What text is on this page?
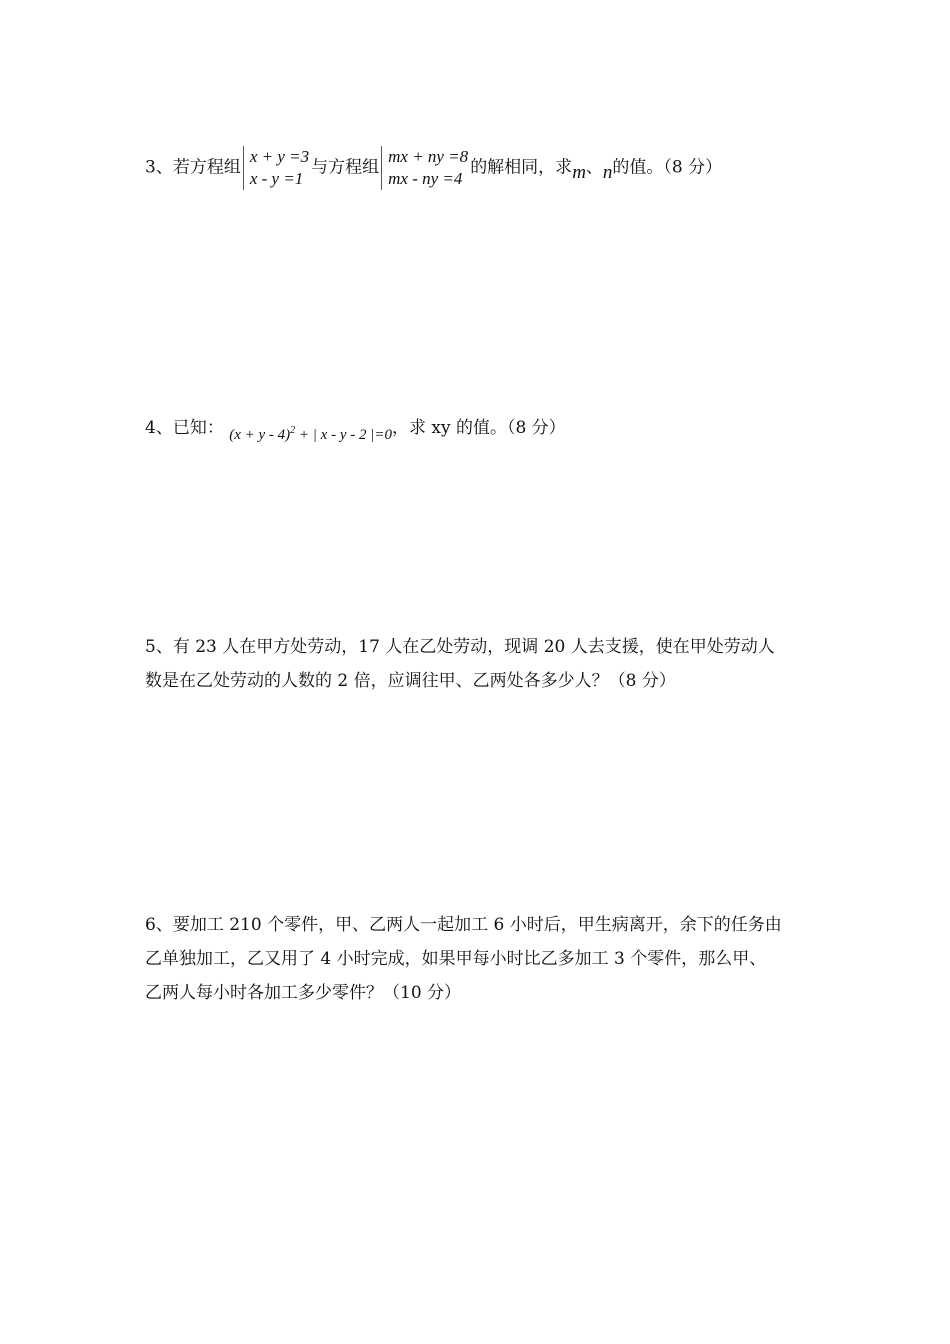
3、若方程组
x + y =3
x - y =1
与方程组
mx + ny =8
mx - ny =4
的解相同，求m、n的值。（8 分）
4、已知： $(x + y - 4)^2$ + | x - y - 2 |=0，求 xy 的值。（8 分）
5、有 23 人在甲方处劳动，17 人在乙处劳动，现调 20 人去支援，使在甲处劳动人
数是在乙处劳动的人数的 2 倍，应调往甲、乙两处各多少人？（8 分）
6、要加工 210 个零件，甲、乙两人一起加工 6 小时后，甲生病离开，余下的任务由
乙单独加工，乙又用了 4 小时完成，如果甲每小时比乙多加工 3 个零件，那么甲、
乙两人每小时各加工多少零件？（10 分）
